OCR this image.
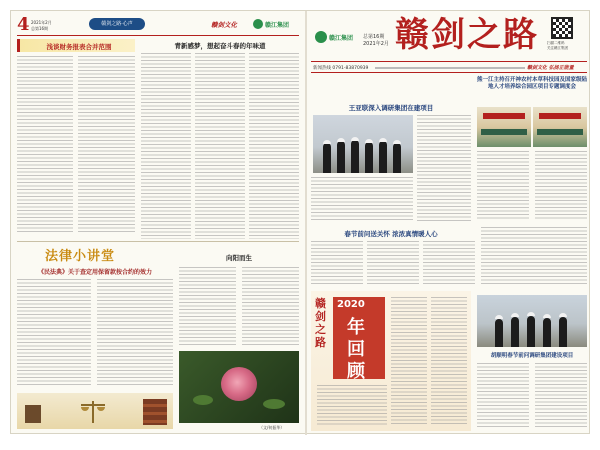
4 2021年2月
总第16期
赣剑之路·心声	赣剑文化	赣江集团
浅谈财务报表合并范围	青新感梦，想起奋斗春的年味道
法律小讲堂
《民法典》关于查定用保留款按合约的效力
向阳而生
（文/何振华）
赣江集团 总第16期
2021年2月 赣剑之路 扫描二维码
关注赣江集团
新闻热线 0791-83870939	赣剑文化 弘扬正能量
王亚联深入调研集团在建项目
熊一江主持召开神农村本草科技园及国家级陆地人才培养综合园区项目专题调度会
春节前问送关怀 浓浓真情暖人心
赣剑之路
2020
年
回
顾
胡顺明春节前问调研集团建设项目
